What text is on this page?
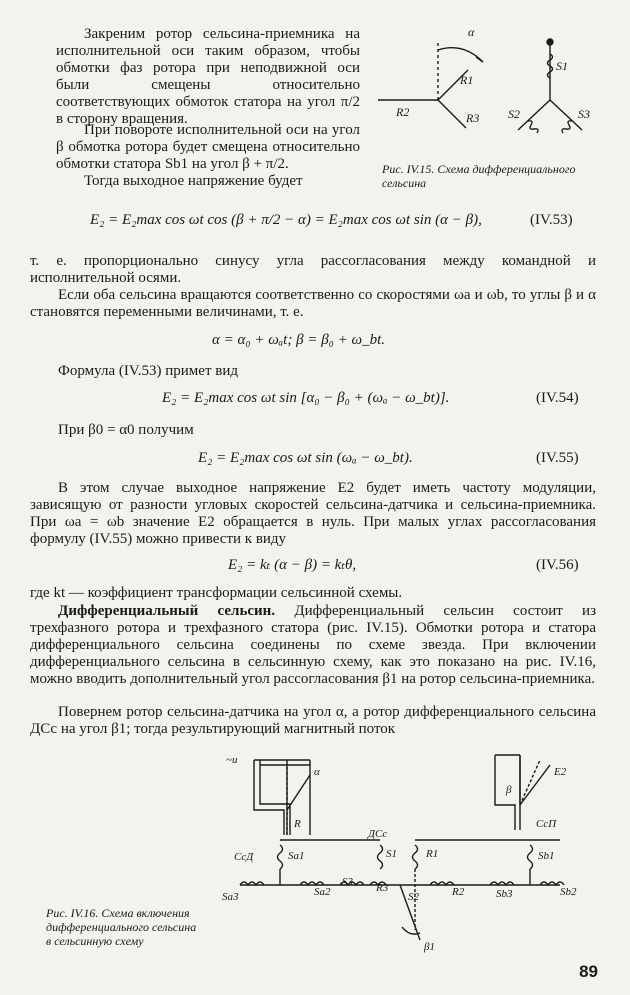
Закреним ротор сельсина-приемника на исполнительной оси таким образом, чтобы обмотки фаз ротора при неподвижной оси были смещены относительно соответствующих обмоток статора на угол π/2 в сторону вращения.
При повороте исполнительной оси на угол β обмотка ротора будет смещена относительно обмотки статора Sb1 на угол β + π/2.
Тогда выходное напряжение будет
α
R1
R2	R3
S1
S2	S3
Рис. IV.15. Схема дифференциального сельсина
E₂ = E₂max cos ωt cos (β + π/2 − α) = E₂max cos ωt sin (α − β),	(IV.53)
т. е. пропорционально синусу угла рассогласования между командной и исполнительной осями.
Если оба сельсина вращаются соответственно со скоростями ωa и ωb, то углы β и α становятся переменными величинами, т. е.
α = α₀ + ωₐt; β = β₀ + ω_bt.
Формула (IV.53) примет вид
E₂ = E₂max cos ωt sin [α₀ − β₀ + (ωₐ − ω_bt)].	(IV.54)
При β0 = α0 получим
E₂ = E₂max cos ωt sin (ωₐ − ω_bt).	(IV.55)
В этом случае выходное напряжение E2 будет иметь частоту модуляции, зависящую от разности угловых скоростей сельсина-датчика и сельсина-приемника. При ωa = ωb значение E2 обращается в нуль. При малых углах рассогласования формулу (IV.55) можно привести к виду
E₂ = kₜ (α − β) = kₜθ,	(IV.56)
где kt — коэффициент трансформации сельсинной схемы.
Дифференциальный сельсин. Дифференциальный сельсин состоит из трехфазного ротора и трехфазного статора (рис. IV.15). Обмотки ротора и статора дифференциального сельсина соединены по схеме звезда. При включении дифференциального сельсина в сельсинную схему, как это показано на рис. IV.16, можно вводить дополнительный угол рассогласования β1 на ротор сельсина-приемника.
Повернем ротор сельсина-датчика на угол α, а ротор дифференциального сельсина ДСс на угол β1; тогда результирующий магнитный поток
~u
α
R
E2
β
СсП
ДСс
СсД	Sa1
Sa2
Sa3
S1
S2
S3
R1
R2
R3
Sb1
Sb2
Sb3
β1
Рис. IV.16. Схема включения дифференциального сельсина в сельсинную схему
89
